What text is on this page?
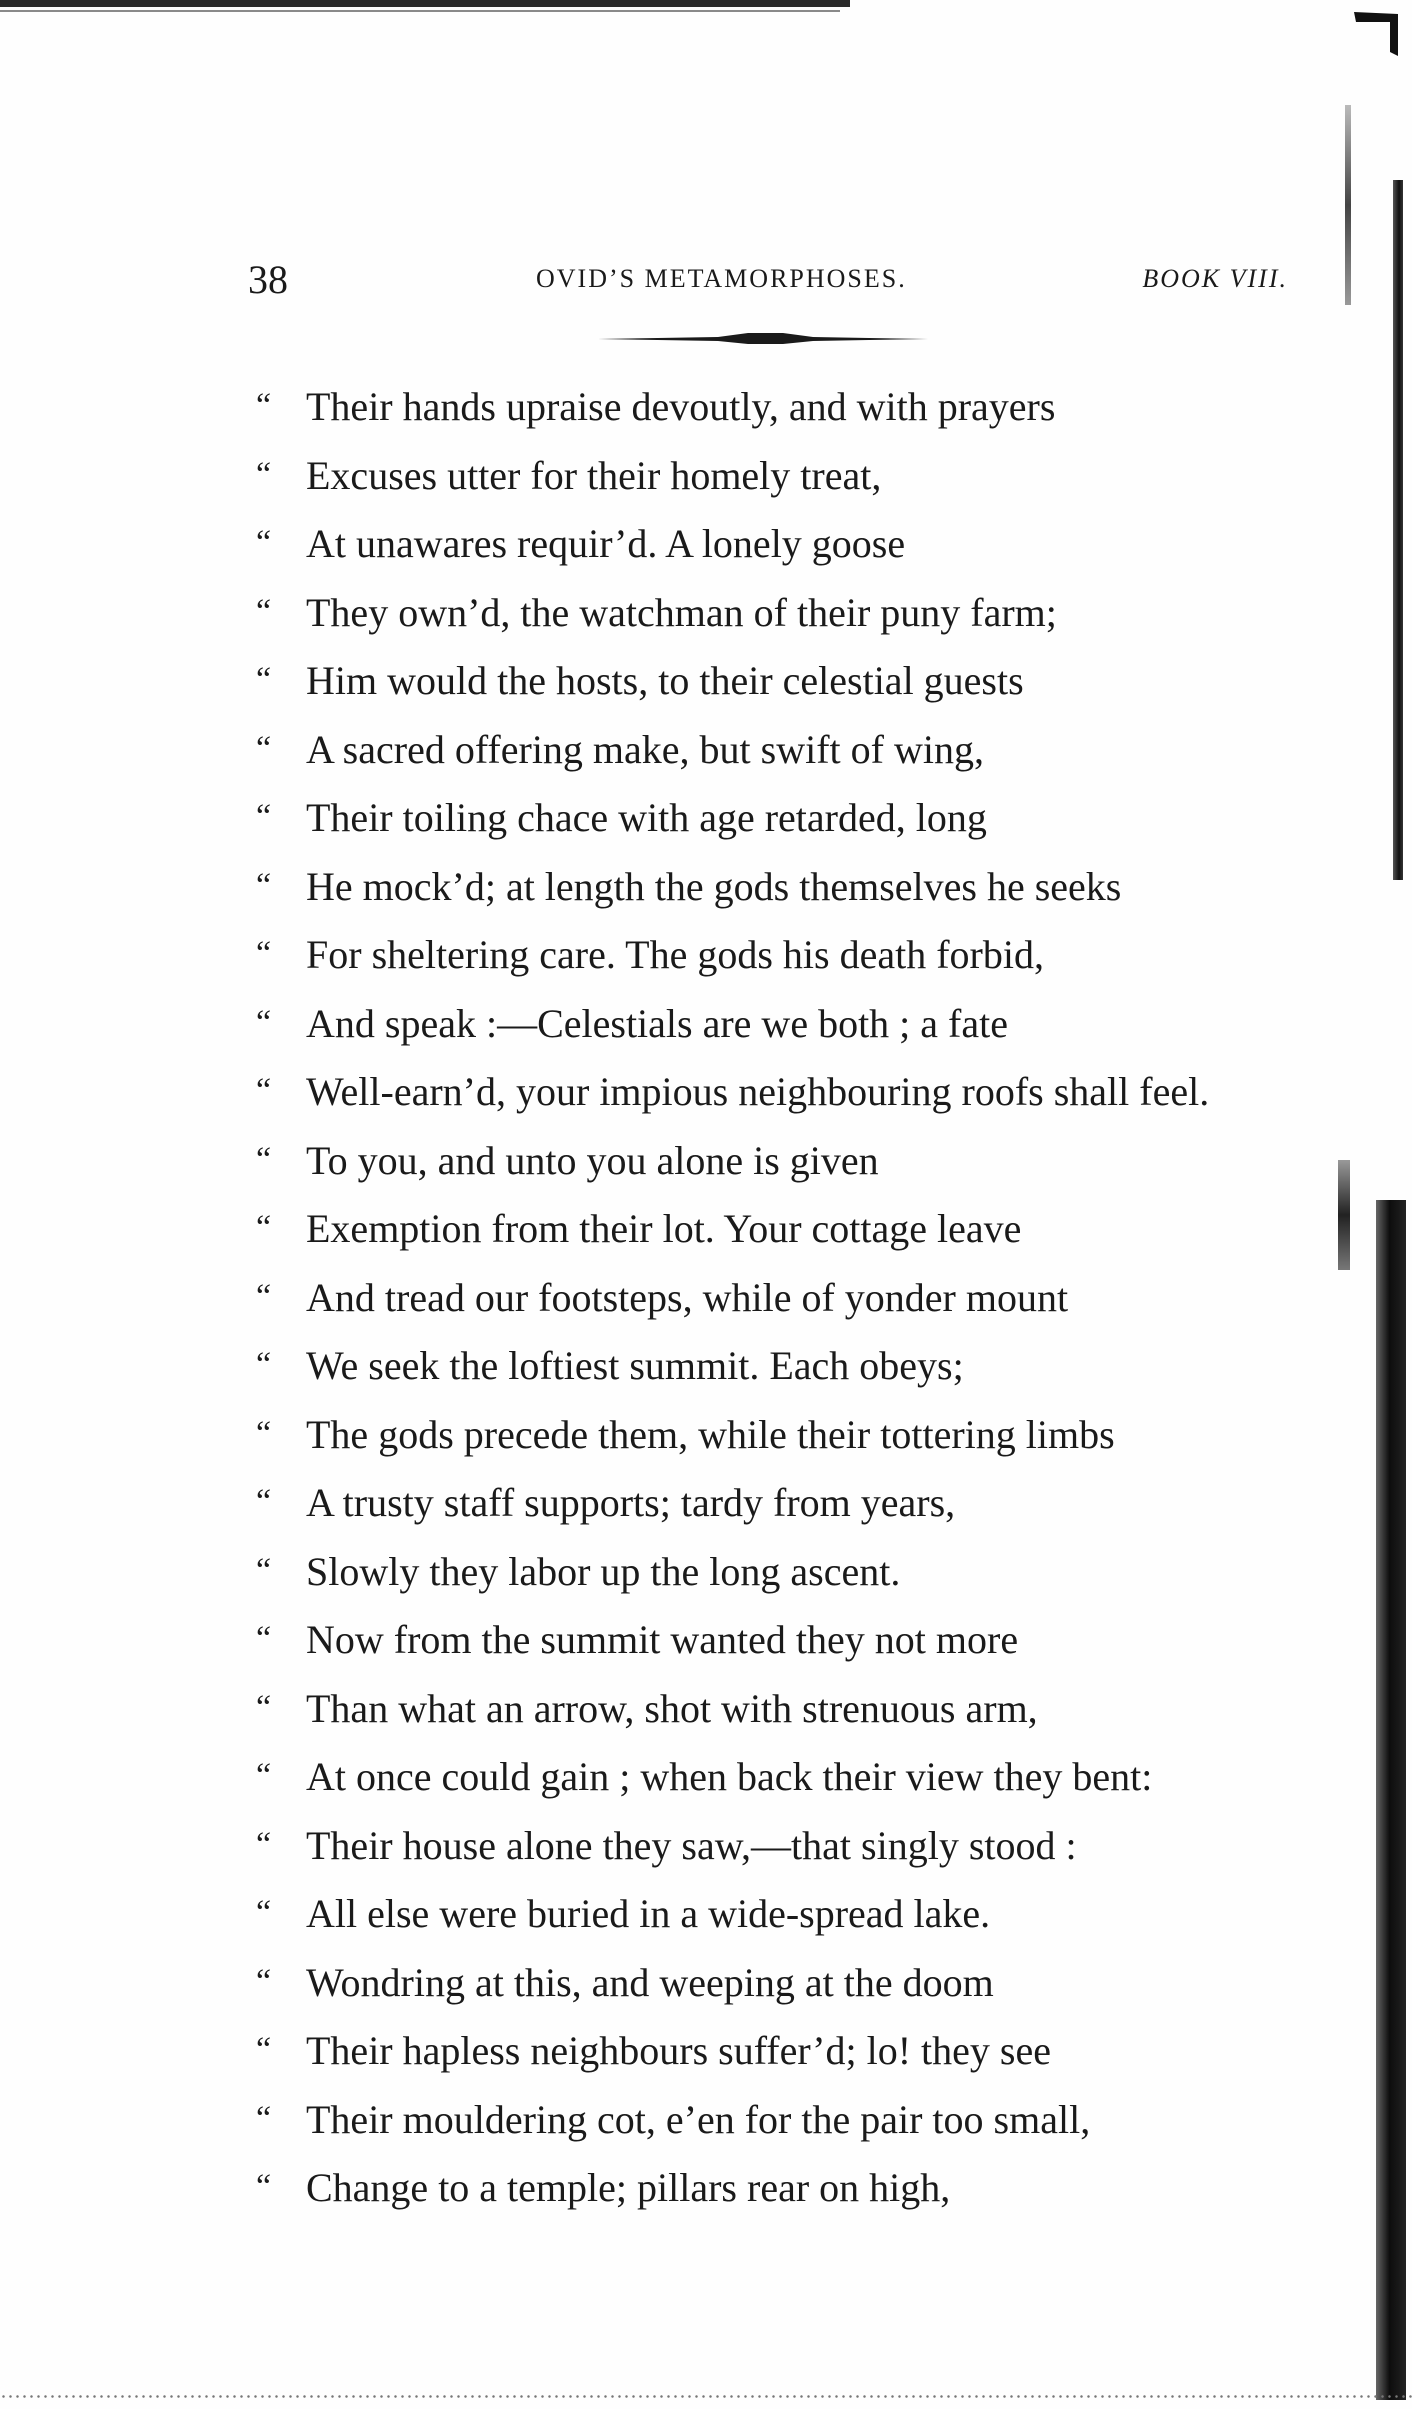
38	OVID’S METAMORPHOSES.	BOOK VIII.
“ Their hands upraise devoutly, and with prayers
“ Excuses utter for their homely treat,
“ At unawares requir’d. A lonely goose
“ They own’d, the watchman of their puny farm;
“ Him would the hosts, to their celestial guests
“ A sacred offering make, but swift of wing,
“ Their toiling chace with age retarded, long
“ He mock’d; at length the gods themselves he seeks
“ For sheltering care. The gods his death forbid,
“ And speak :—Celestials are we both ; a fate
“ Well-earn’d, your impious neighbouring roofs shall feel.
“ To you, and unto you alone is given
“ Exemption from their lot. Your cottage leave
“ And tread our footsteps, while of yonder mount
“ We seek the loftiest summit. Each obeys;
“ The gods precede them, while their tottering limbs
“ A trusty staff supports; tardy from years,
“ Slowly they labor up the long ascent.
“ Now from the summit wanted they not more
“ Than what an arrow, shot with strenuous arm,
“ At once could gain ; when back their view they bent:
“ Their house alone they saw,—that singly stood :
“ All else were buried in a wide-spread lake.
“ Wondring at this, and weeping at the doom
“ Their hapless neighbours suffer’d; lo! they see
“ Their mouldering cot, e’en for the pair too small,
“ Change to a temple; pillars rear on high,
